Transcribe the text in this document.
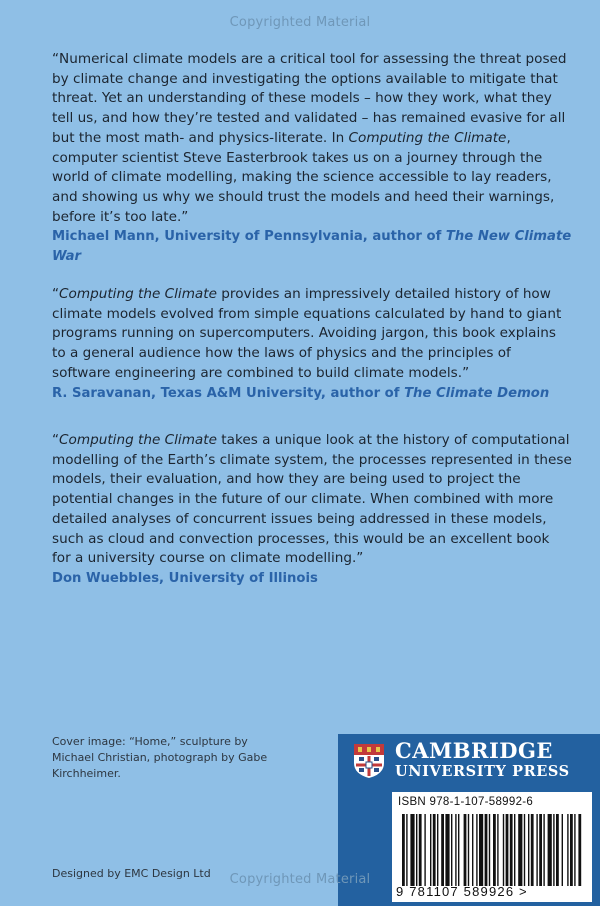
Copyrighted Material

“Numerical climate models are a critical tool for assessing the threat posed by climate change and investigating the options available to mitigate that threat. Yet an understanding of these models – how they work, what they tell us, and how they’re tested and validated – has remained evasive for all but the most math- and physics-literate. In Computing the Climate, computer scientist Steve Easterbrook takes us on a journey through the world of climate modelling, making the science accessible to lay readers, and showing us why we should trust the models and heed their warnings, before it’s too late.”

Michael Mann, University of Pennsylvania, author of The New Climate War

“Computing the Climate provides an impressively detailed history of how climate models evolved from simple equations calculated by hand to giant programs running on supercomputers. Avoiding jargon, this book explains to a general audience how the laws of physics and the principles of software engineering are combined to build climate models.”

R. Saravanan, Texas A&M University, author of The Climate Demon

“Computing the Climate takes a unique look at the history of computational modelling of the Earth’s climate system, the processes represented in these models, their evaluation, and how they are being used to project the potential changes in the future of our climate. When combined with more detailed analyses of concurrent issues being addressed in these models, such as cloud and convection processes, this would be an excellent book for a university course on climate modelling.”

Don Wuebbles, University of Illinois

Cover image: “Home,” sculpture by Michael Christian, photograph by Gabe Kirchheimer.
Designed by EMC Design Ltd
CAMBRIDGE
UNIVERSITY PRESS
ISBN 978-1-107-58992-6
9 781107 589926 >
Copyrighted Material
